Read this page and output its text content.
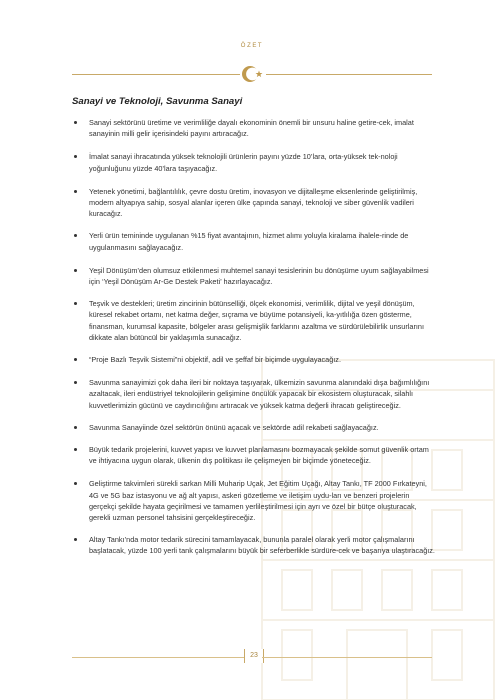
ÖZET
Sanayi ve Teknoloji, Savunma Sanayi
Sanayi sektörünü üretime ve verimliliğe dayalı ekonominin önemli bir unsuru haline getire-cek, imalat sanayinin milli gelir içerisindeki payını artıracağız.
İmalat sanayi ihracatında yüksek teknolojili ürünlerin payını yüzde 10’lara, orta-yüksek tek-noloji yoğunluğunu yüzde 40’lara taşıyacağız.
Yetenek yönetimi, bağlantılılık, çevre dostu üretim, inovasyon ve dijitalleşme eksenlerinde geliştirilmiş, modern altyapıya sahip, sosyal alanlar içeren ülke çapında sanayi, teknoloji ve siber güvenlik vadileri kuracağız.
Yerli ürün temininde uygulanan %15 fiyat avantajının, hizmet alımı yoluyla kiralama ihalele-rinde de uygulanmasını sağlayacağız.
Yeşil Dönüşüm’den olumsuz etkilenmesi muhtemel sanayi tesislerinin bu dönüşüme uyum sağlayabilmesi için ‘Yeşil Dönüşüm Ar-Ge Destek Paketi’ hazırlayacağız.
Teşvik ve destekleri; üretim zincirinin bütünselliği, ölçek ekonomisi, verimlilik, dijital ve yeşil dönüşüm, küresel rekabet ortamı, net katma değer, sıçrama ve büyüme potansiyeli, ka-yıtlılığa özen gösterme, finansman, kurumsal kapasite, bölgeler arası gelişmişlik farklarını azaltma ve sürdürülebilirlik unsurlarını dikkate alan bütüncül bir yaklaşımla sunacağız.
“Proje Bazlı Teşvik Sistemi”ni objektif, adil ve şeffaf bir biçimde uygulayacağız.
Savunma sanayimizi çok daha ileri bir noktaya taşıyarak, ülkemizin savunma alanındaki dışa bağımlılığını azaltacak, ileri endüstriyel teknolojilerin gelişimine öncülük yapacak bir ekosistem oluşturacak, silahlı kuvvetlerimizin gücünü ve caydırıcılığını artıracak ve yüksek katma değerli ihracatı geliştireceğiz.
Savunma Sanayiinde özel sektörün önünü açacak ve sektörde adil rekabeti sağlayacağız.
Büyük tedarik projelerini, kuvvet yapısı ve kuvvet planlamasını bozmayacak şekilde somut güvenlik ortam ve ihtiyacına uygun olarak, ülkenin dış politikası ile çelişmeyen bir biçimde yöneteceğiz.
Geliştirme takvimleri sürekli sarkan Milli Muharip Uçak, Jet Eğitim Uçağı, Altay Tankı, TF 2000 Fırkateyni, 4G ve 5G baz istasyonu ve ağ alt yapısı, askeri gözetleme ve iletişim uydu-ları ve benzeri projelerin gerçekçi şekilde hayata geçirilmesi ve tamamen yerlileştirilmesi için ayrı ve özel bir bütçe oluşturacak, gerekli uzman personel tahsisini gerçekleştireceğiz.
Altay Tankı’nda motor tedarik sürecini tamamlayacak, bununla paralel olarak yerli motor çalışmalarını başlatacak, yüzde 100 yerli tank çalışmalarını büyük bir seferberlikle sürdüre-cek ve başarıya ulaştıracağız.
23
